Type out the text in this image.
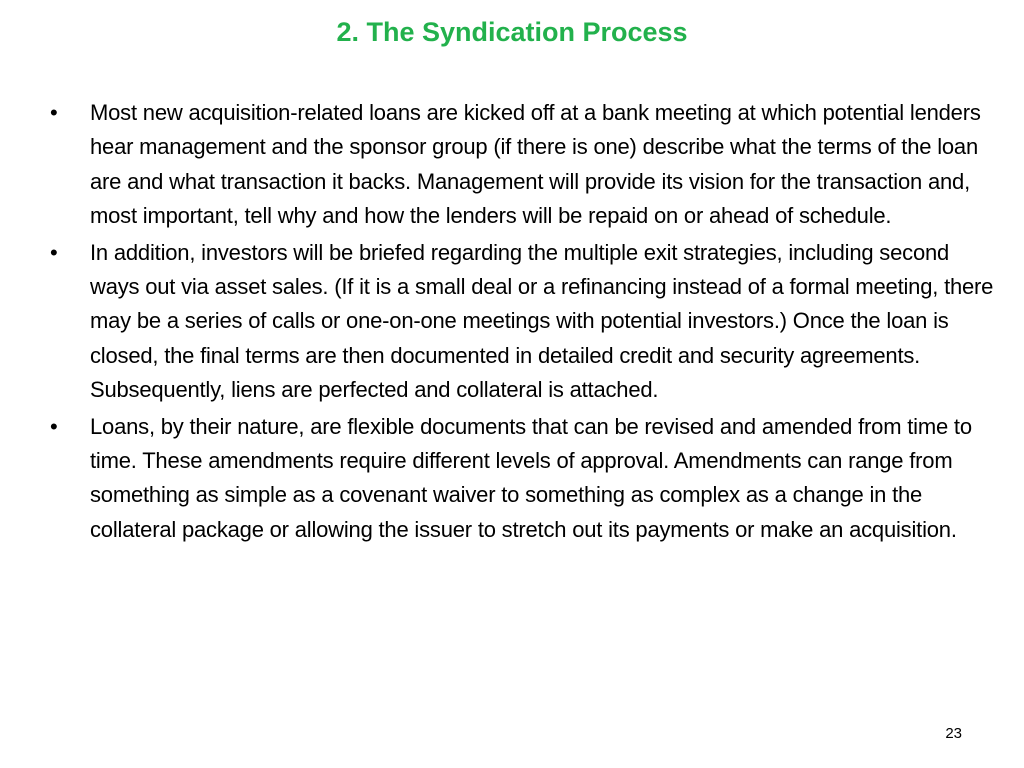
2. The Syndication Process
• Most new acquisition-related loans are kicked off at a bank meeting at which potential lenders hear management and the sponsor group (if there is one) describe what the terms of the loan are and what transaction it backs. Management will provide its vision for the transaction and, most important, tell why and how the lenders will be repaid on or ahead of schedule.
• In addition, investors will be briefed regarding the multiple exit strategies, including second ways out via asset sales. (If it is a small deal or a refinancing instead of a formal meeting, there may be a series of calls or one-on-one meetings with potential investors.) Once the loan is closed, the final terms are then documented in detailed credit and security agreements. Subsequently, liens are perfected and collateral is attached.
• Loans, by their nature, are flexible documents that can be revised and amended from time to time. These amendments require different levels of approval. Amendments can range from something as simple as a covenant waiver to something as complex as a change in the collateral package or allowing the issuer to stretch out its payments or make an acquisition.
23
